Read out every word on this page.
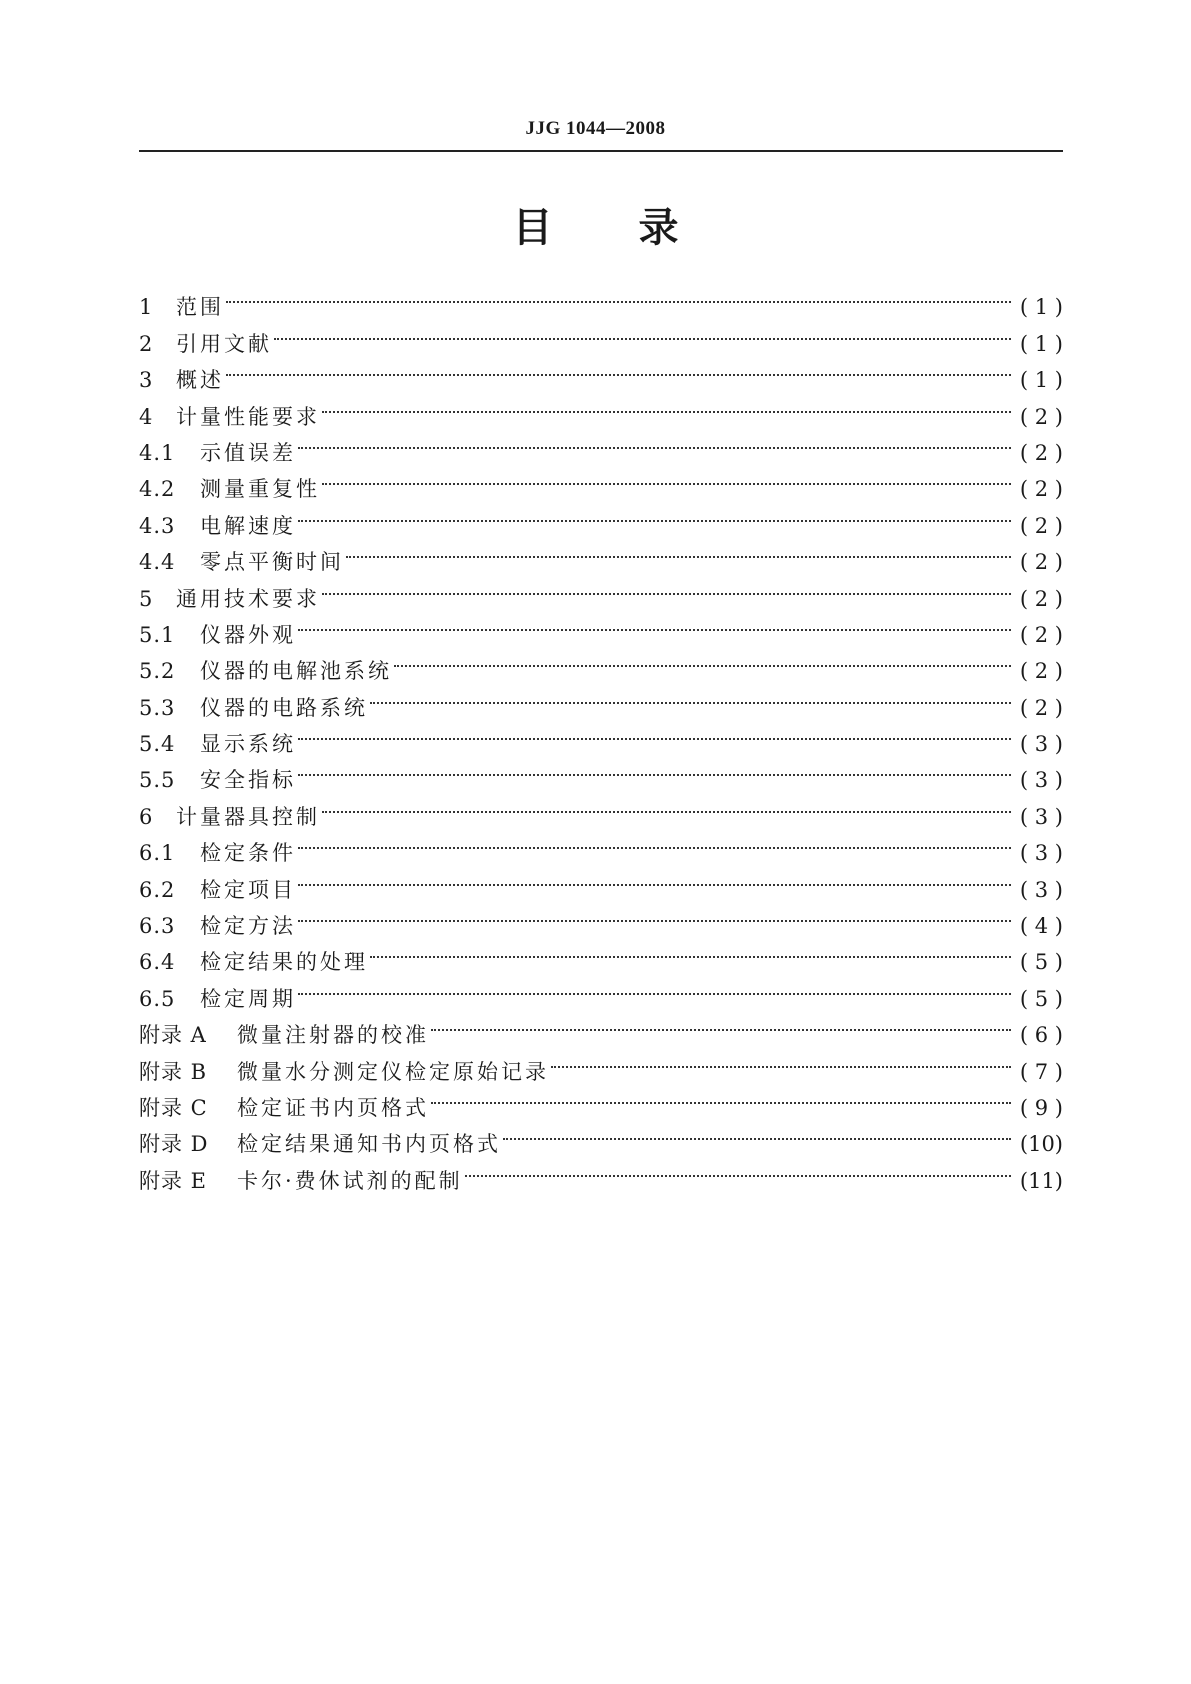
JJG 1044—2008
目 录
1	范围	( 1 )
2	引用文献	( 1 )
3	概述	( 1 )
4	计量性能要求	( 2 )
4.1	示值误差	( 2 )
4.2	测量重复性	( 2 )
4.3	电解速度	( 2 )
4.4	零点平衡时间	( 2 )
5	通用技术要求	( 2 )
5.1	仪器外观	( 2 )
5.2	仪器的电解池系统	( 2 )
5.3	仪器的电路系统	( 2 )
5.4	显示系统	( 3 )
5.5	安全指标	( 3 )
6	计量器具控制	( 3 )
6.1	检定条件	( 3 )
6.2	检定项目	( 3 )
6.3	检定方法	( 4 )
6.4	检定结果的处理	( 5 )
6.5	检定周期	( 5 )
附录 A	微量注射器的校准	( 6 )
附录 B	微量水分测定仪检定原始记录	( 7 )
附录 C	检定证书内页格式	( 9 )
附录 D	检定结果通知书内页格式	(10)
附录 E	卡尔·费休试剂的配制	(11)
